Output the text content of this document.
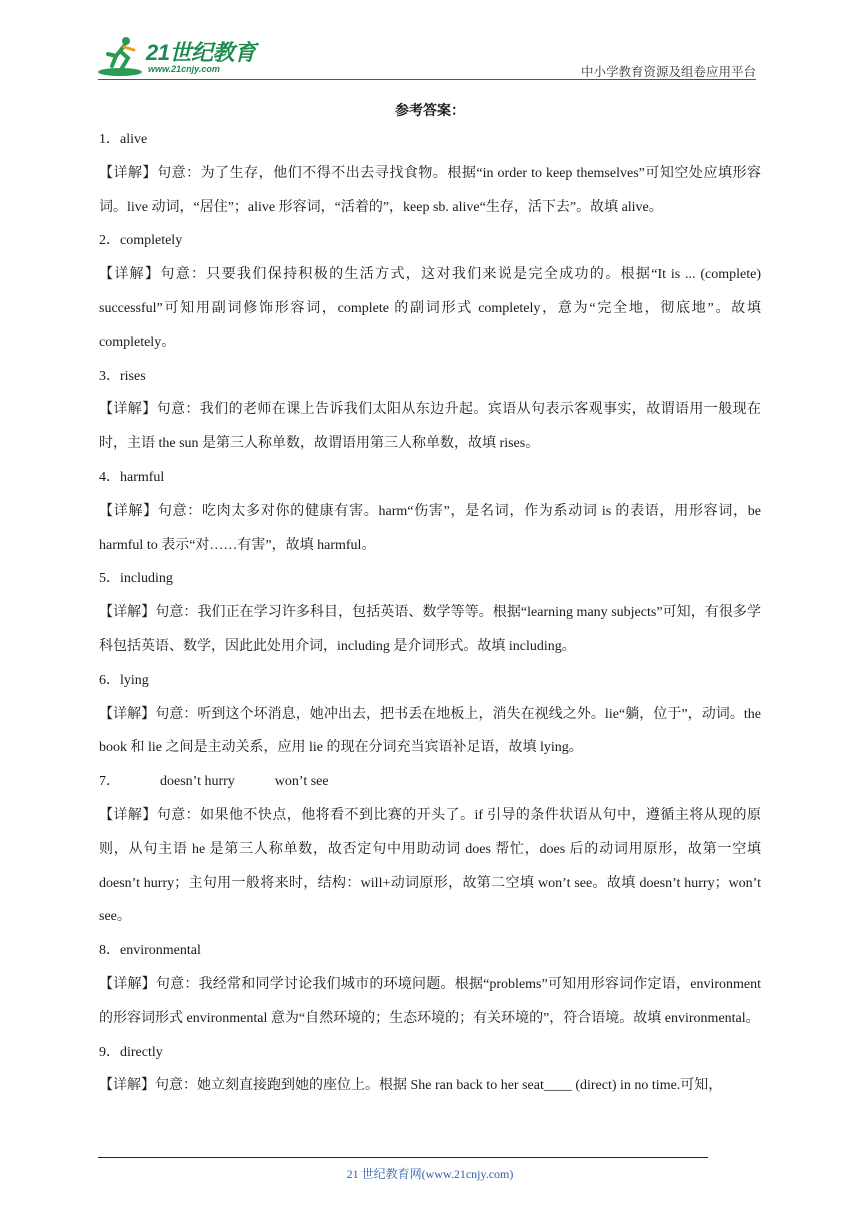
21世纪教育
www.21cnjy.com	中小学教育资源及组卷应用平台
参考答案：

1．alive

【详解】句意：为了生存，他们不得不出去寻找食物。根据“in order to keep themselves”可知空处应填形容词。live 动词，“居住”；alive 形容词，“活着的”，keep sb. alive“生存，活下去”。故填 alive。

2．completely

【详解】句意：只要我们保持积极的生活方式，这对我们来说是完全成功的。根据“It is ... (complete) successful”可知用副词修饰形容词，complete 的副词形式 completely，意为“完全地，彻底地”。故填 completely。

3．rises

【详解】句意：我们的老师在课上告诉我们太阳从东边升起。宾语从句表示客观事实，故谓语用一般现在时，主语 the sun 是第三人称单数，故谓语用第三人称单数，故填 rises。

4．harmful

【详解】句意：吃肉太多对你的健康有害。harm“伤害”，是名词，作为系动词 is 的表语，用形容词，be harmful to 表示“对……有害”，故填 harmful。

5．including

【详解】句意：我们正在学习许多科目，包括英语、数学等等。根据“learning many subjects”可知，有很多学科包括英语、数学，因此此处用介词，including 是介词形式。故填 including。

6．lying

【详解】句意：听到这个坏消息，她冲出去，把书丢在地板上，消失在视线之外。lie“躺，位于”，动词。the book 和 lie 之间是主动关系，应用 lie 的现在分词充当宾语补足语，故填 lying。

7．	doesn’t hurry	won’t see

【详解】句意：如果他不快点，他将看不到比赛的开头了。if 引导的条件状语从句中，遵循主将从现的原则，从句主语 he 是第三人称单数，故否定句中用助动词 does 帮忙，does 后的动词用原形，故第一空填 doesn’t hurry；主句用一般将来时，结构：will+动词原形，故第二空填 won’t see。故填 doesn’t hurry；won’t see。

8．environmental

【详解】句意：我经常和同学讨论我们城市的环境问题。根据“problems”可知用形容词作定语，environment 的形容词形式 environmental 意为“自然环境的；生态环境的；有关环境的”，符合语境。故填 environmental。

9．directly

【详解】句意：她立刻直接跑到她的座位上。根据 She ran back to her seat____ (direct) in no time.可知，

21 世纪教育网(www.21cnjy.com)
